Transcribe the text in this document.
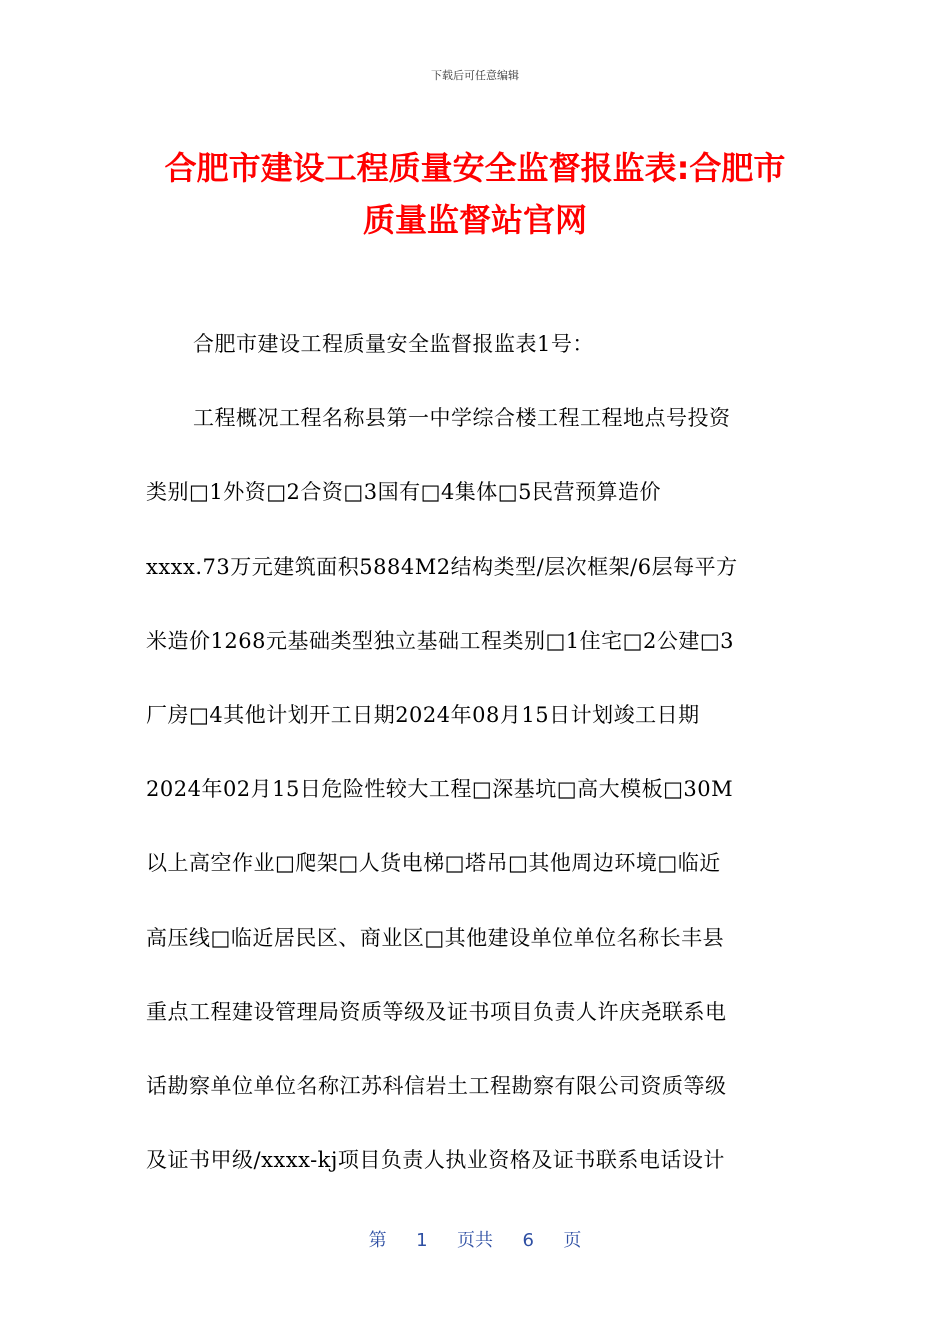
下载后可任意编辑
合肥市建设工程质量安全监督报监表:合肥市
质量监督站官网
合肥市建设工程质量安全监督报监表1号：
工程概况工程名称县第一中学综合楼工程工程地点号投资
类别□1外资□2合资□3国有□4集体□5民营预算造价
xxxx.73万元建筑面积5884M2结构类型/层次框架/6层每平方
米造价1268元基础类型独立基础工程类别□1住宅□2公建□3
厂房□4其他计划开工日期2024年08月15日计划竣工日期
2024年02月15日危险性较大工程□深基坑□高大模板□30M
以上高空作业□爬架□人货电梯□塔吊□其他周边环境□临近
高压线□临近居民区、商业区□其他建设单位单位名称长丰县
重点工程建设管理局资质等级及证书项目负责人许庆尧联系电
话勘察单位单位名称江苏科信岩土工程勘察有限公司资质等级
及证书甲级/xxxx-kj项目负责人执业资格及证书联系电话设计
第 1 页共 6 页
